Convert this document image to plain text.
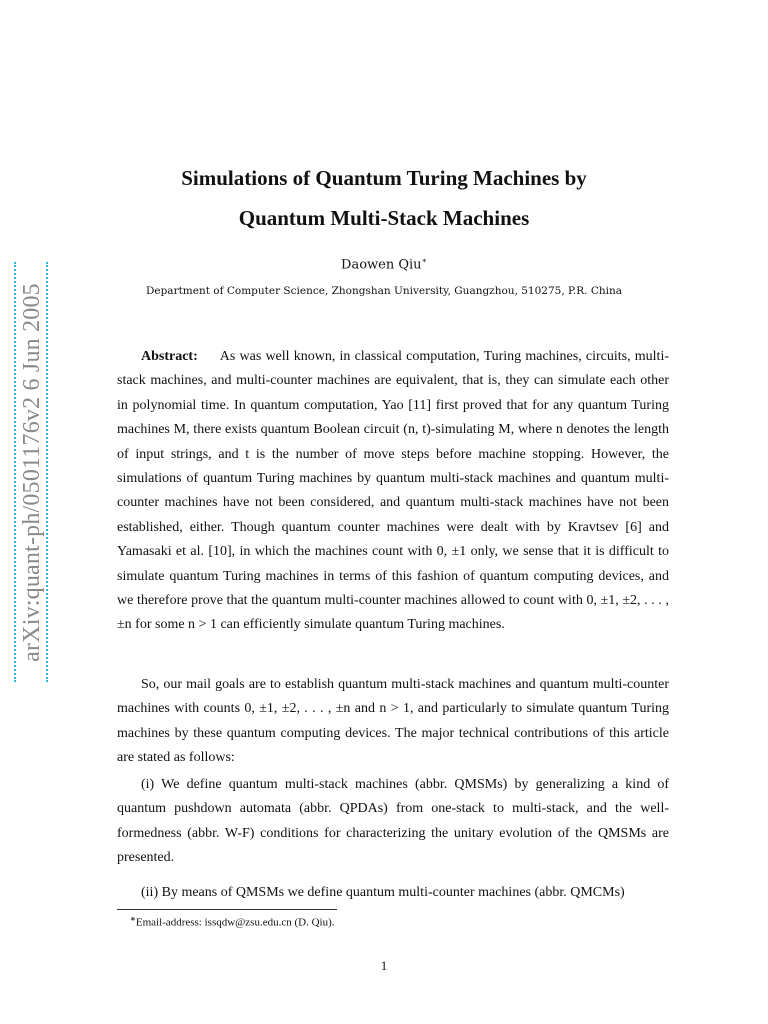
arXiv:quant-ph/0501176v2 6 Jun 2005
Simulations of Quantum Turing Machines by
Quantum Multi-Stack Machines
Daowen Qiu∗
Department of Computer Science, Zhongshan University, Guangzhou, 510275, P.R. China
Abstract: As was well known, in classical computation, Turing machines, circuits, multi-stack machines, and multi-counter machines are equivalent, that is, they can simulate each other in polynomial time. In quantum computation, Yao [11] first proved that for any quantum Turing machines M, there exists quantum Boolean circuit (n, t)-simulating M, where n denotes the length of input strings, and t is the number of move steps before machine stopping. However, the simulations of quantum Turing machines by quantum multi-stack machines and quantum multi-counter machines have not been considered, and quantum multi-stack machines have not been established, either. Though quantum counter machines were dealt with by Kravtsev [6] and Yamasaki et al. [10], in which the machines count with 0, ±1 only, we sense that it is difficult to simulate quantum Turing machines in terms of this fashion of quantum computing devices, and we therefore prove that the quantum multi-counter machines allowed to count with 0, ±1, ±2, . . . , ±n for some n > 1 can efficiently simulate quantum Turing machines.
So, our mail goals are to establish quantum multi-stack machines and quantum multi-counter machines with counts 0, ±1, ±2, . . . , ±n and n > 1, and particularly to simulate quantum Turing machines by these quantum computing devices. The major technical contributions of this article are stated as follows:
(i) We define quantum multi-stack machines (abbr. QMSMs) by generalizing a kind of quantum pushdown automata (abbr. QPDAs) from one-stack to multi-stack, and the well-formedness (abbr. W-F) conditions for characterizing the unitary evolution of the QMSMs are presented.
(ii) By means of QMSMs we define quantum multi-counter machines (abbr. QMCMs)
∗Email-address: issqdw@zsu.edu.cn (D. Qiu).
1
